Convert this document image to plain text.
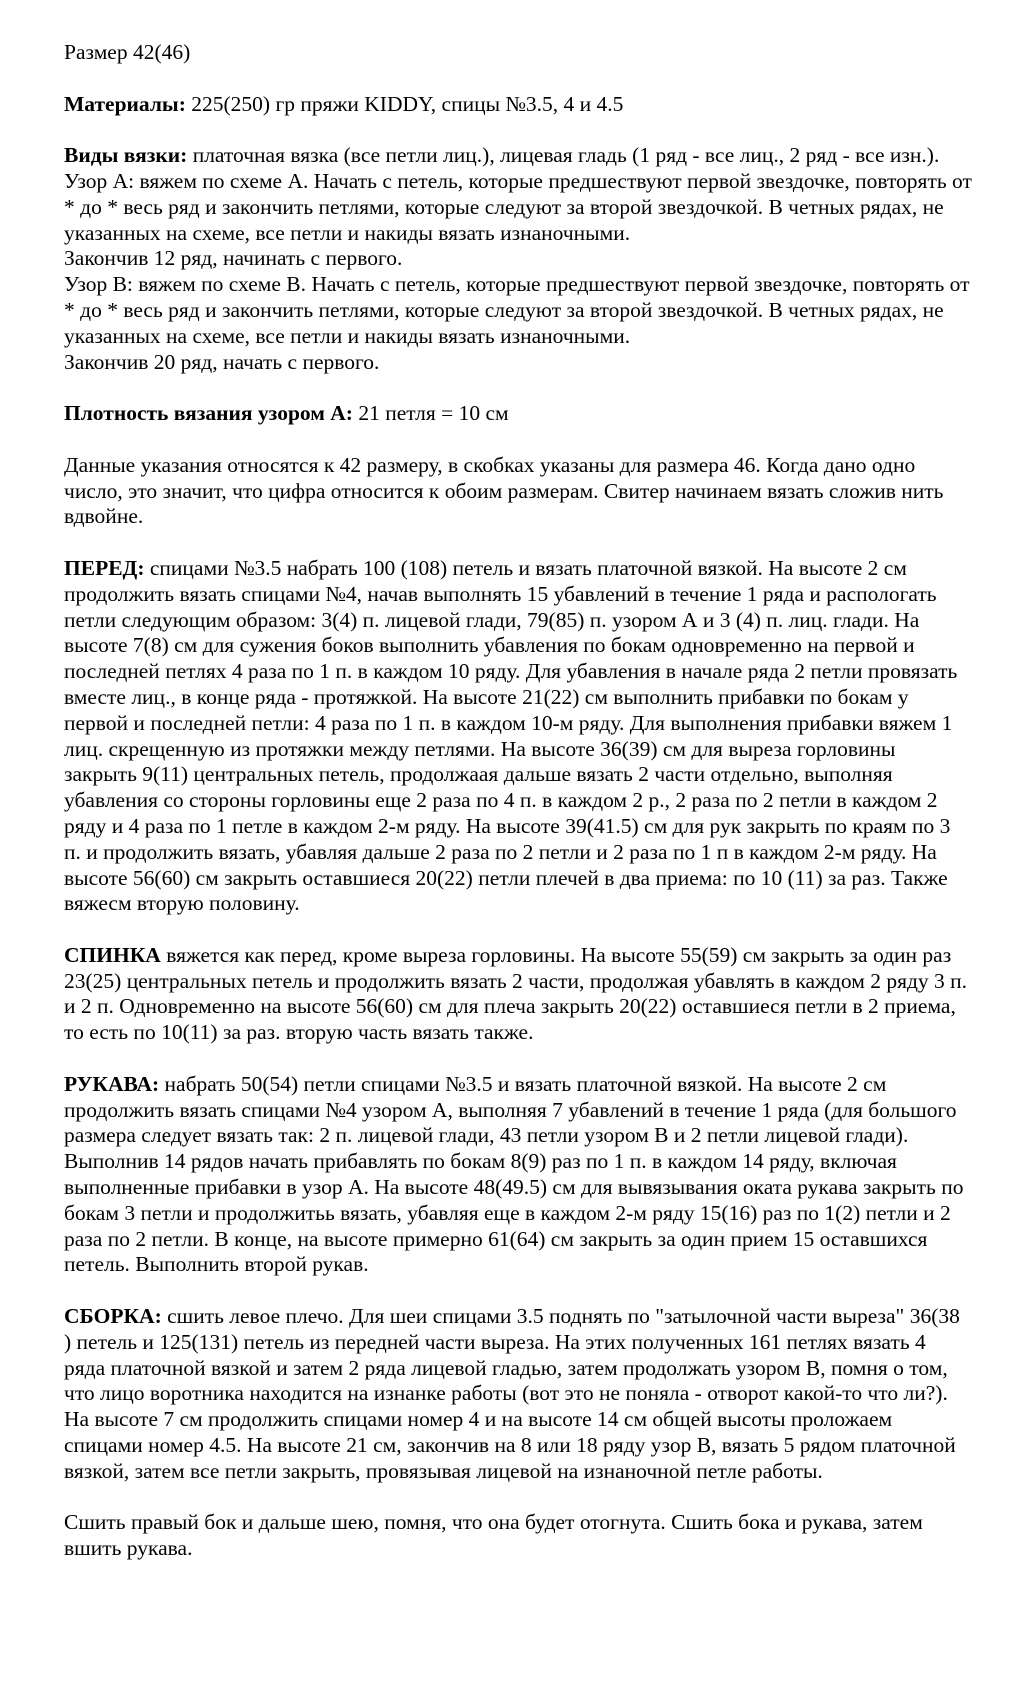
Размер 42(46)

Материалы: 225(250) гр пряжи KIDDY, спицы №3.5, 4 и 4.5

Виды вязки: платочная вязка (все петли лиц.), лицевая гладь (1 ряд - все лиц., 2 ряд - все изн.).

Узор А: вяжем по схеме А. Начать с петель, которые предшествуют первой звездочке, повторять от * до * весь ряд и закончить петлями, которые следуют за второй звездочкой. В четных рядах, не указанных на схеме, все петли и накиды вязать изнаночными.

Закончив 12 ряд, начинать с первого.

Узор В: вяжем по схеме В. Начать с петель, которые предшествуют первой звездочке, повторять от * до * весь ряд и закончить петлями, которые следуют за второй звездочкой. В четных рядах, не указанных на схеме, все петли и накиды вязать изнаночными.

Закончив 20 ряд, начать с первого.

Плотность вязания узором А: 21 петля = 10 см

Данные указания относятся к 42 размеру, в скобках указаны для размера 46. Когда дано одно число, это значит, что цифра относится к обоим размерам. Свитер начинаем вязать сложив нить вдвойне.

ПЕРЕД: спицами №3.5 набрать 100 (108) петель и вязать платочной вязкой. На высоте 2 см продолжить вязать спицами №4, начав выполнять 15 убавлений в течение 1 ряда и распологать петли следующим образом: 3(4) п. лицевой глади, 79(85) п. узором А и 3 (4) п. лиц. глади. На высоте 7(8) см для сужения боков выполнить убавления по бокам одновременно на первой и последней петлях 4 раза по 1 п. в каждом 10 ряду. Для убавления в начале ряда 2 петли провязать вместе лиц., в конце ряда - протяжкой. На высоте 21(22) см выполнить прибавки по бокам у первой и последней петли: 4 раза по 1 п. в каждом 10-м ряду. Для выполнения прибавки вяжем 1 лиц. скрещенную из протяжки между петлями. На высоте 36(39) см для выреза горловины закрыть 9(11) центральных петель, продолжаая дальше вязать 2 части отдельно, выполняя убавления со стороны горловины еще 2 раза по 4 п. в каждом 2 р., 2 раза по 2 петли в каждом 2 ряду и 4 раза по 1 петле в каждом 2-м ряду. На высоте 39(41.5) см для рук закрыть по краям по 3 п. и продолжить вязать, убавляя дальше 2 раза по 2 петли и 2 раза по 1 п в каждом 2-м ряду. На высоте 56(60) см закрыть оставшиеся 20(22) петли плечей в два приема: по 10 (11) за раз. Также вяжесм вторую половину.

СПИНКА вяжется как перед, кроме выреза горловины. На высоте 55(59) см закрыть за один раз 23(25) центральных петель и продолжить вязать 2 части, продолжая убавлять в каждом 2 ряду 3 п. и 2 п. Одновременно на высоте 56(60) см для плеча закрыть 20(22) оставшиеся петли в 2 приема, то есть по 10(11) за раз. вторую часть вязать также.

РУКАВА: набрать 50(54) петли спицами №3.5 и вязать платочной вязкой. На высоте 2 см продолжить вязать спицами №4 узором А, выполняя 7 убавлений в течение 1 ряда (для большого размера следует вязать так: 2 п. лицевой глади, 43 петли узором В и 2 петли лицевой глади). Выполнив 14 рядов начать прибавлять по бокам 8(9) раз по 1 п. в каждом 14 ряду, включая выполненные прибавки в узор А. На высоте 48(49.5) см для вывязывания оката рукава закрыть по бокам 3 петли и продолжитьь вязать, убавляя еще в каждом 2-м ряду 15(16) раз по 1(2) петли и 2 раза по 2 петли. В конце, на высоте примерно 61(64) см закрыть за один прием 15 оставшихся петель. Выполнить второй рукав.

СБОРКА: сшить левое плечо. Для шеи спицами 3.5 поднять по "затылочной части выреза" 36(38 ) петель и 125(131) петель из передней части выреза. На этих полученных 161 петлях вязать 4 ряда платочной вязкой и затем 2 ряда лицевой гладью, затем продолжать узором В, помня о том, что лицо воротника находится на изнанке работы (вот это не поняла - отворот какой-то что ли?). На высоте 7 см продолжить спицами номер 4 и на высоте 14 см общей высоты проложаем спицами номер 4.5. На высоте 21 см, закончив на 8 или 18 ряду узор В, вязать 5 рядом платочной вязкой, затем все петли закрыть, провязывая лицевой на изнаночной петле работы.

Сшить правый бок и дальше шею, помня, что она будет отогнута. Сшить бока и рукава, затем вшить рукава.
